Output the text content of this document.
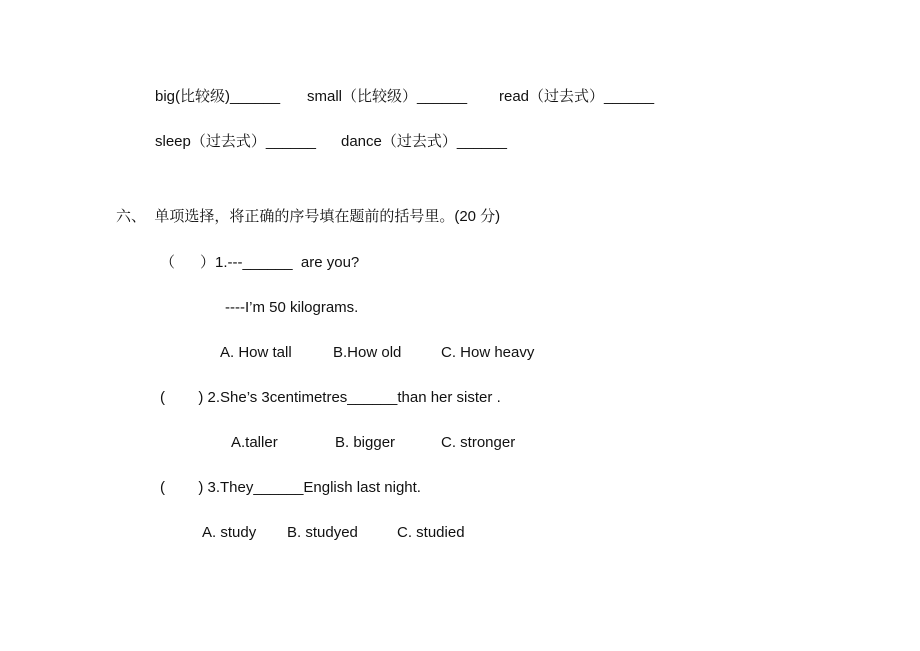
big(比较级)______

small（比较级）______

read（过去式）______

sleep（过去式）______

dance（过去式）______

六、  单项选择，将正确的序号填在题前的括号里。(20 分)
（      ）1.---______  are you?
----I’m 50 kilograms.

A. How tall

	B.How old

	C. How heavy

(        ) 2.She’s 3centimetres______than her sister .

A.taller

	B. bigger

	C. stronger

(        ) 3.They______English last night.

A. study

B. studyed

	C. studied
